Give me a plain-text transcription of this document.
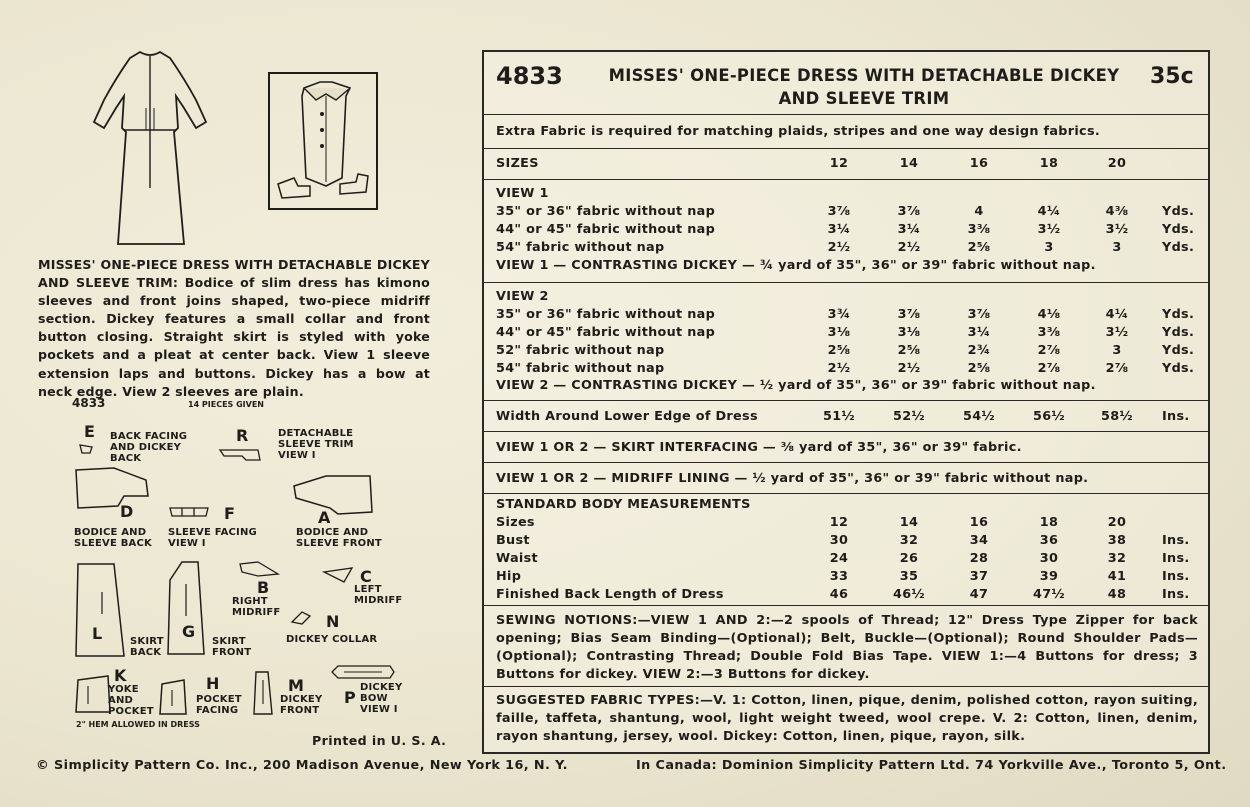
MISSES' ONE-PIECE DRESS WITH DETACHABLE DICKEY AND SLEEVE TRIM: Bodice of slim dress has kimono sleeves and front joins shaped, two-piece midriff section. Dickey features a small collar and front button closing. Straight skirt is styled with yoke pockets and a pleat at center back. View 1 sleeve extension laps and buttons. Dickey has a bow at neck edge. View 2 sleeves are plain.
4833	14 PIECES GIVEN
E BACK FACING AND DICKEY BACK
R	DETACHABLE SLEEVE TRIM VIEW I
D
BODICE AND SLEEVE BACK
F
SLEEVE FACING VIEW I
A
BODICE AND SLEEVE FRONT
B
RIGHT MIDRIFF
C
LEFT MIDRIFF
L	SKIRT BACK
G
SKIRT FRONT
N
DICKEY COLLAR
K
YOKE AND POCKET
H
POCKET FACING
M
DICKEY FRONT
P
DICKEY BOW VIEW I
2" HEM ALLOWED IN DRESS
Printed in U. S. A.
4833	MISSES' ONE-PIECE DRESS WITH DETACHABLE DICKEY
AND SLEEVE TRIM
35c
Extra Fabric is required for matching plaids, stripes and one way design fabrics.
SIZES	12	14	16	18	20
VIEW 1
35" or 36" fabric without nap	3⅞	3⅞	4	4¼	4⅜	Yds.
44" or 45" fabric without nap	3¼	3¼	3⅜	3½	3½	Yds.
54" fabric without nap	2½	2½	2⅝	3	3	Yds.
VIEW 1 — CONTRASTING DICKEY — ¾ yard of 35", 36" or 39" fabric without nap.
VIEW 2
35" or 36" fabric without nap	3¾	3⅞	3⅞	4⅛	4¼	Yds.
44" or 45" fabric without nap	3⅛	3⅛	3¼	3⅜	3½	Yds.
52" fabric without nap	2⅝	2⅝	2¾	2⅞	3	Yds.
54" fabric without nap	2½	2½	2⅝	2⅞	2⅞	Yds.
VIEW 2 — CONTRASTING DICKEY — ½ yard of 35", 36" or 39" fabric without nap.
Width Around Lower Edge of Dress	51½	52½	54½	56½	58½	Ins.
VIEW 1 OR 2 — SKIRT INTERFACING — ⅜ yard of 35", 36" or 39" fabric.
VIEW 1 OR 2 — MIDRIFF LINING — ½ yard of 35", 36" or 39" fabric without nap.
STANDARD BODY MEASUREMENTS
Sizes	12	14	16	18	20
Bust	30	32	34	36	38	Ins.
Waist	24	26	28	30	32	Ins.
Hip	33	35	37	39	41	Ins.
Finished Back Length of Dress	46	46½	47	47½	48	Ins.
SEWING NOTIONS:—VIEW 1 AND 2:—2 spools of Thread; 12" Dress Type Zipper for back opening; Bias Seam Binding—(Optional); Belt, Buckle—(Optional); Round Shoulder Pads—(Optional); Contrasting Thread; Double Fold Bias Tape. VIEW 1:—4 Buttons for dress; 3 Buttons for dickey. VIEW 2:—3 Buttons for dickey.
SUGGESTED FABRIC TYPES:—V. 1: Cotton, linen, pique, denim, polished cotton, rayon suiting, faille, taffeta, shantung, wool, light weight tweed, wool crepe. V. 2: Cotton, linen, denim, rayon shantung, jersey, wool. Dickey: Cotton, linen, pique, rayon, silk.
© Simplicity Pattern Co. Inc., 200 Madison Avenue, New York 16, N. Y.	In Canada: Dominion Simplicity Pattern Ltd. 74 Yorkville Ave., Toronto 5, Ont.
